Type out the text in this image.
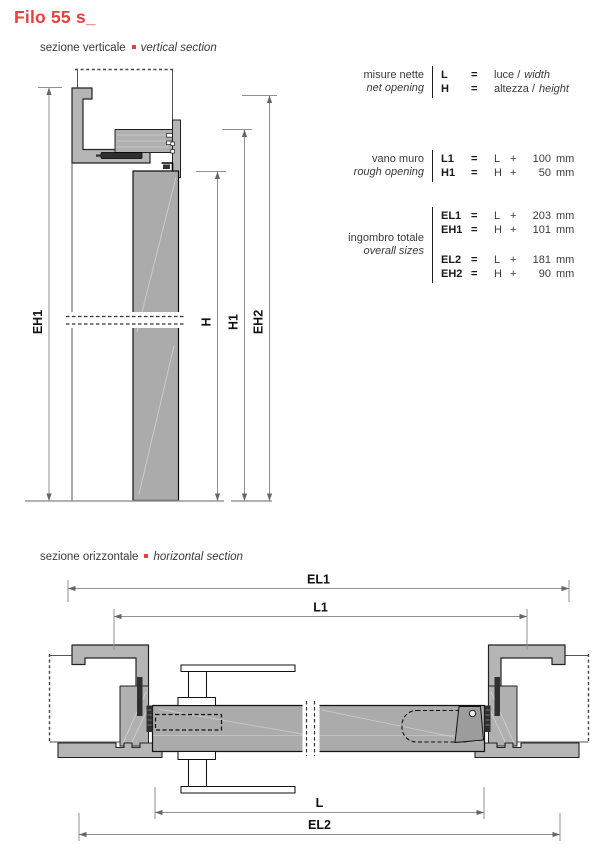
EH1	H H1 EH2
EL1
L1
L
EL2
Filo 55 s_
sezione verticale vertical section
sezione orizzontale horizontal section
misure nette
net opening
L	=	luce / width
H	=	altezza / height
vano muro
rough opening
L1	=	L +	100 mm
H1	=	H +	50 mm
ingombro totale
overall sizes
EL1 =	L +	203 mm
EH1 =	H +	101 mm
EL2 =	L +	181 mm
EH2 =	H +	90 mm
